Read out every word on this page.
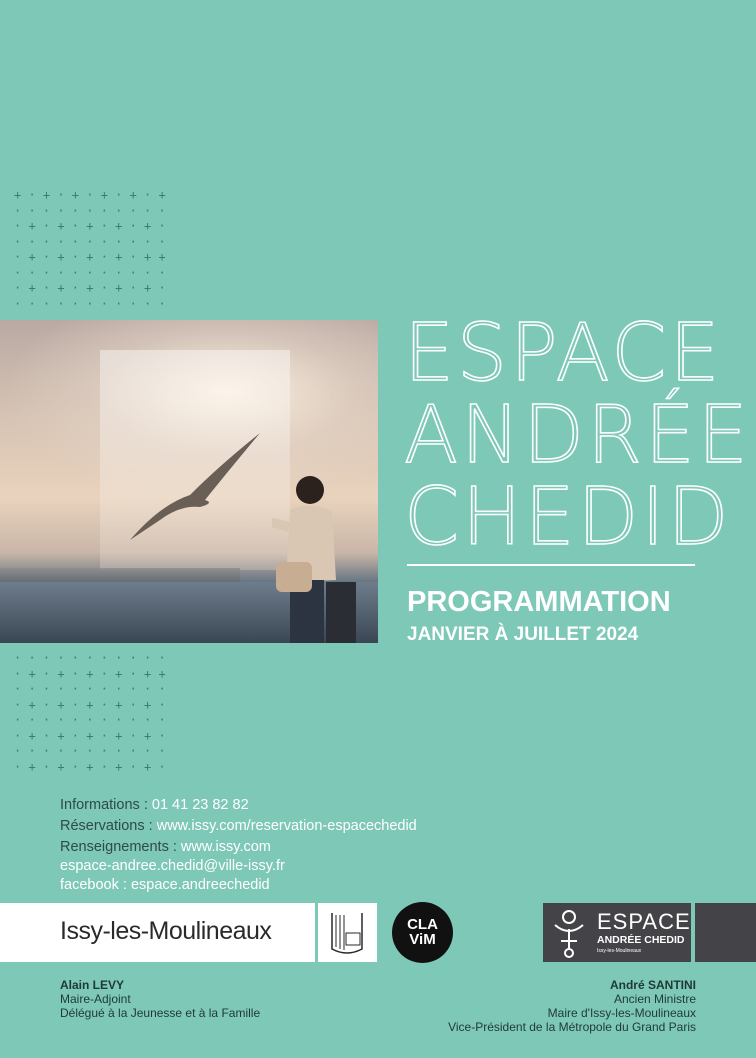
+ · + · + · + · + · +
· · · · · · · · · · ·
· + · + · + · + · + ·
· · · · · · · · · · ·
· + · + · + · + · + +
· · · · · · · · · · ·
· + · + · + · + · + ·
· · · · · · · · · · ·
· · · · · · · · · · ·
· + · + · + · + · + +
· · · · · · · · · · ·
· + · + · + · + · + ·
· · · · · · · · · · ·
· + · + · + · + · + ·
· · · · · · · · · · ·
· + · + · + · + · + ·
ESPACE
ANDRÉE
CHEDID
PROGRAMMATION
JANVIER À JUILLET 2024
Informations : 01 41 23 82 82
Réservations : www.issy.com/reservation-espacechedid
Renseignements : www.issy.com
espace-andree.chedid@ville-issy.fr
facebook : espace.andreechedid
Issy-les-Moulineaux	CLA
ViM
ESPACE
ANDRÉE CHEDID
Issy-les-Moulineaux
Alain LEVY
Maire-Adjoint
Délégué à la Jeunesse et à la Famille
André SANTINI
Ancien Ministre
Maire d'Issy-les-Moulineaux
Vice-Président de la Métropole du Grand Paris
